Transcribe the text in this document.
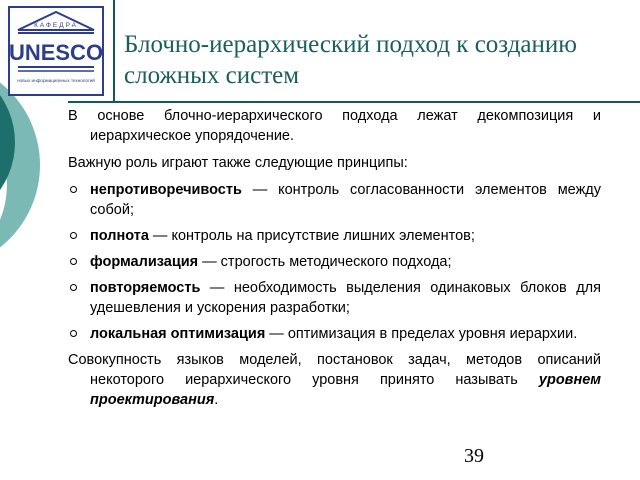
КАФЕДРА
UNESCO
новых информационных технологий
Блочно-иерархический подход к созданию сложных систем

В основе блочно-иерархического подхода лежат декомпозиция и иерархическое упорядочение.

Важную роль играют также следующие принципы:

непротиворечивость — контроль согласованности элементов между собой;
полнота — контроль на присутствие лишних элементов;
формализация — строгость методического подхода;
повторяемость — необходимость выделения одинаковых блоков для удешевления и ускорения разработки;
локальная оптимизация — оптимизация в пределах уровня иерархии.

Совокупность языков моделей, постановок задач, методов описаний некоторого иерархического уровня принято называть уровнем проектирования.

39
